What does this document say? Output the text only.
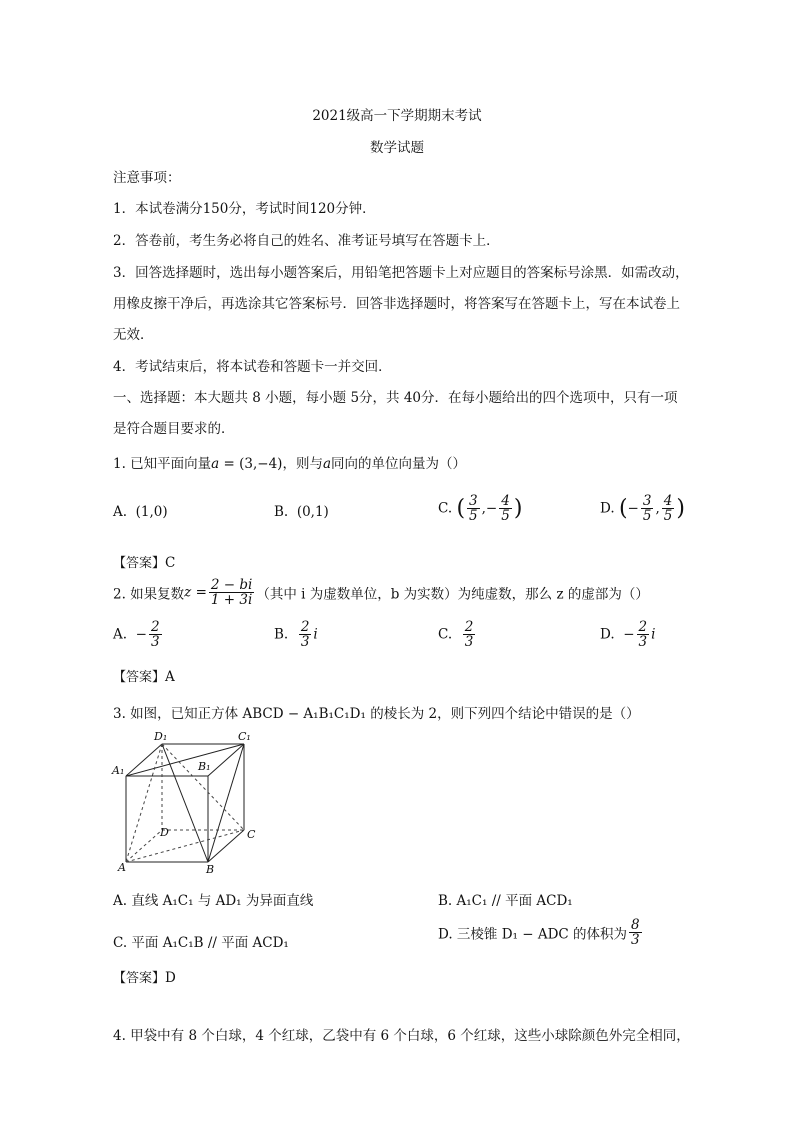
2021级高一下学期期末考试
数学试题
注意事项：
1．本试卷满分150分，考试时间120分钟．
2．答卷前，考生务必将自己的姓名、准考证号填写在答题卡上．
3．回答选择题时，选出每小题答案后，用铅笔把答题卡上对应题目的答案标号涂黑．如需改动，
用橡皮擦干净后，再选涂其它答案标号．回答非选择题时，将答案写在答题卡上，写在本试卷上
无效．
4．考试结束后，将本试卷和答题卡一并交回．
一、选择题：本大题共 8 小题，每小题 5分，共 40分．在每小题给出的四个选项中，只有一项
是符合题目要求的．
1. 已知平面向量a = (3,−4)，则与a同向的单位向量为（）
A. (1,0)	B. (0,1)	C. ( $\frac{3}{5}$ ,− $\frac{4}{5}$ )	D. (− $\frac{3}{5}$ , $\frac{4}{5}$ )
【答案】C
2. 如果复数$z = \frac{2 - bi}{1 + 3i}$ （其中 i 为虚数单位，b 为实数）为纯虚数，那么 z 的虚部为（）
A. − $\frac{2}{3}$	B. $\frac{2}{3}$ i	C. $\frac{2}{3}$	D. − $\frac{2}{3}$ i
【答案】A
3. 如图，已知正方体 ABCD − A₁B₁C₁D₁ 的棱长为 2，则下列四个结论中错误的是（）
D₁	C₁
A₁	B₁
D	C
A	B
A. 直线 A₁C₁ 与 AD₁ 为异面直线	B. A₁C₁ // 平面 ACD₁
C. 平面 A₁C₁B // 平面 ACD₁
D. 三棱锥 D₁ − ADC 的体积为 $\frac{8}{3}$
【答案】D
4. 甲袋中有 8 个白球，4 个红球，乙袋中有 6 个白球，6 个红球，这些小球除颜色外完全相同，
